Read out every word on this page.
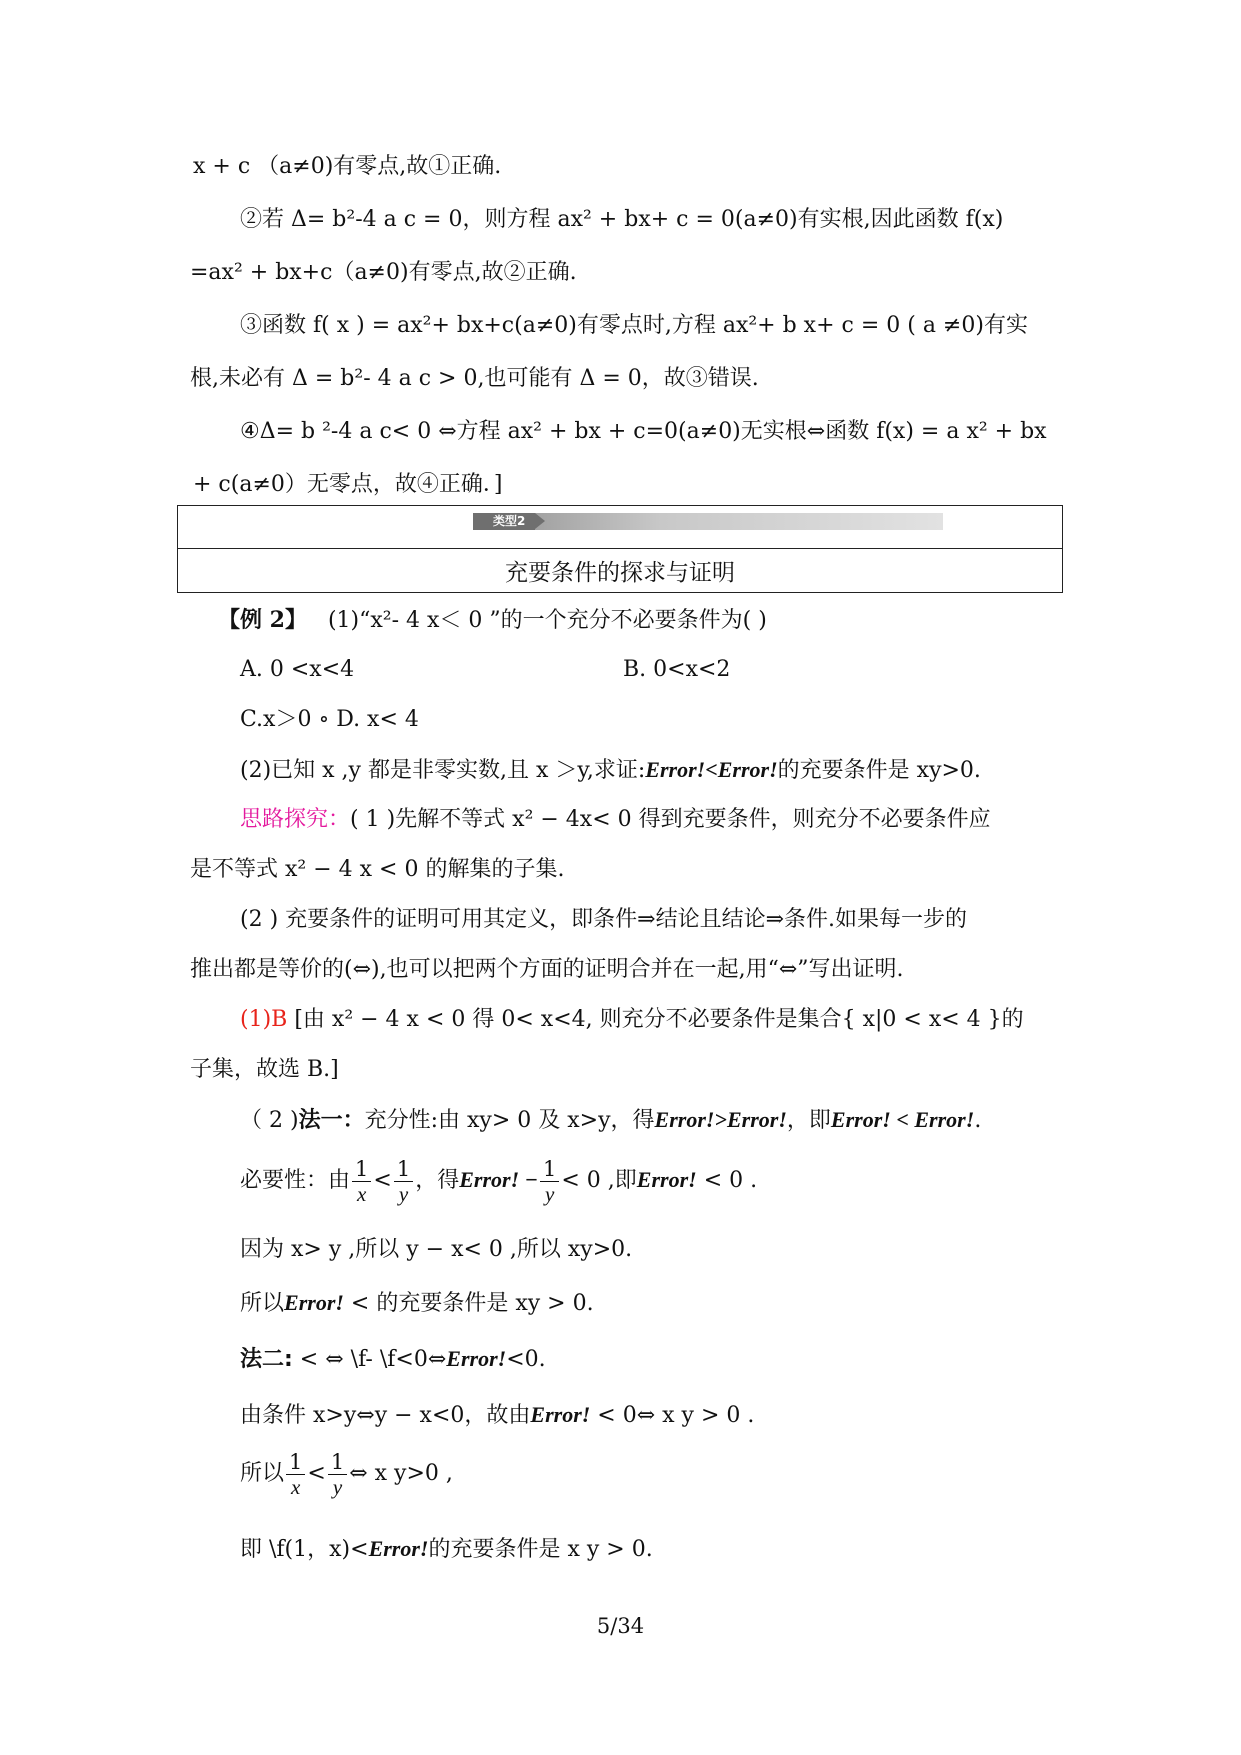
x + c （a≠0)有零点,故①正确.
②若 Δ= b²-4 a c = 0，则方程 ax² + bx+ c = 0(a≠0)有实根,因此函数 f(x)
=ax² + bx+c（a≠0)有零点,故②正确.
③函数 f( x ) = ax²+ bx+c(a≠0)有零点时,方程 ax²+ b x+ c = 0 ( a ≠0)有实
根,未必有 Δ = b²- 4 a c > 0,也可能有 Δ = 0，故③错误.
④Δ= b ²-4 a c< 0 ⇔方程 ax² + bx + c=0(a≠0)无实根⇔函数 f(x) = a x² + bx
+ c(a≠0）无零点，故④正确．]
类型2
充要条件的探求与证明
【例 2】 (1)“x²- 4 x＜ 0 ”的一个充分不必要条件为( )
A. 0 <x<4	B. 0<x<2
C.x＞0 ∘ D. x< 4
(2)已知 x ,y 都是非零实数,且 x ＞y,求证:Error!<Error!的充要条件是 xy>0.
思路探究：( 1 )先解不等式 x² − 4x< 0 得到充要条件，则充分不必要条件应
是不等式 x² − 4 x < 0 的解集的子集.
(2 ) 充要条件的证明可用其定义，即条件⇒结论且结论⇒条件.如果每一步的
推出都是等价的(⇔),也可以把两个方面的证明合并在一起,用“⇔”写出证明.
(1)B [由 x² − 4 x < 0 得 0< x<4, 则充分不必要条件是集合{ x|0 < x< 4 }的
子集，故选 B.]
（ 2 )法一：充分性:由 xy> 0 及 x>y，得Error!>Error!，即Error! < Error!.
必要性：由 $\frac{1}{x} < \frac{1}{y}$ ，得Error! − $\frac{1}{y} < 0$ ,即Error! < 0 .
因为 x> y ,所以 y − x< 0 ,所以 xy>0.
所以Error! < 的充要条件是 xy > 0.
法二: < ⇔ \f- \f<0⇔Error!<0.
由条件 x>y⇔y − x<0，故由Error! < 0⇔ x y > 0 .
所以 $\frac{1}{x} < \frac{1}{y}$ ⇔ x y>0 ,
即 \f(1，x)<Error!的充要条件是 x y > 0.
5/34
